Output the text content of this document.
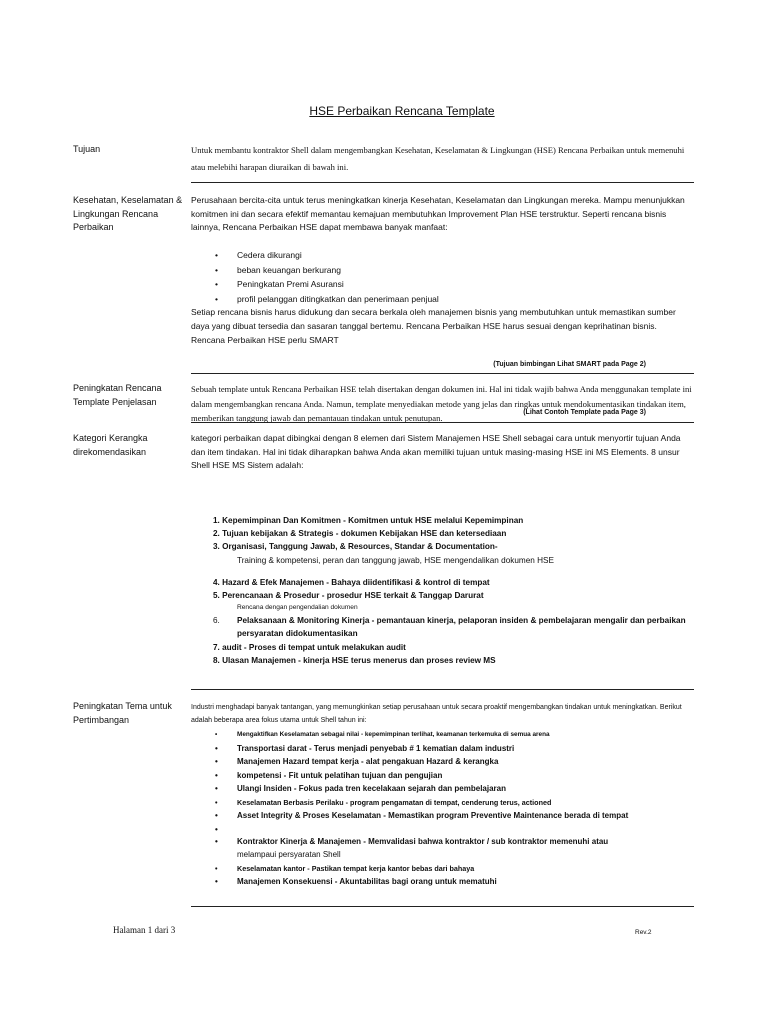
HSE Perbaikan Rencana Template
Tujuan	Untuk membantu kontraktor Shell dalam mengembangkan Kesehatan, Keselamatan & Lingkungan (HSE) Rencana Perbaikan untuk memenuhi atau melebihi harapan diuraikan di bawah ini.
Kesehatan, Keselamatan & Lingkungan Rencana Perbaikan
Perusahaan bercita-cita untuk terus meningkatkan kinerja Kesehatan, Keselamatan dan Lingkungan mereka. Mampu menunjukkan komitmen ini dan secara efektif memantau kemajuan membutuhkan Improvement Plan HSE terstruktur. Seperti rencana bisnis lainnya, Rencana Perbaikan HSE dapat membawa banyak manfaat:
• Cedera dikurangi
• beban keuangan berkurang
• Peningkatan Premi Asuransi
• profil pelanggan ditingkatkan dan penerimaan penjual
Setiap rencana bisnis harus didukung dan secara berkala oleh manajemen bisnis yang membutuhkan untuk memastikan sumber daya yang dibuat tersedia dan sasaran tanggal bertemu. Rencana Perbaikan HSE harus sesuai dengan keprihatinan bisnis. Rencana Perbaikan HSE perlu SMART
(Tujuan bimbingan Lihat SMART pada Page 2)
Peningkatan Rencana Template Penjelasan
Sebuah template untuk Rencana Perbaikan HSE telah disertakan dengan dokumen ini. Hal ini tidak wajib bahwa Anda menggunakan template ini dalam mengembangkan rencana Anda. Namun, template menyediakan metode yang jelas dan ringkas untuk mendokumentasikan tindakan item, memberikan tanggung jawab dan pemantauan tindakan untuk penutupan.
(Lihat Contoh Template pada Page 3)
Kategori Kerangka direkomendasikan
kategori perbaikan dapat dibingkai dengan 8 elemen dari Sistem Manajemen HSE Shell sebagai cara untuk menyortir tujuan Anda dan item tindakan. Hal ini tidak diharapkan bahwa Anda akan memiliki tujuan untuk masing-masing HSE ini MS Elements. 8 unsur Shell HSE MS Sistem adalah:
1. Kepemimpinan Dan Komitmen - Komitmen untuk HSE melalui Kepemimpinan
2. Tujuan kebijakan & Strategis - dokumen Kebijakan HSE dan ketersediaan
3. Organisasi, Tanggung Jawab, & Resources, Standar & Documentation-
Training & kompetensi, peran dan tanggung jawab, HSE mengendalikan dokumen HSE
4. Hazard & Efek Manajemen - Bahaya diidentifikasi & kontrol di tempat
5. Perencanaan & Prosedur - prosedur HSE terkait & Tanggap Darurat
Rencana dengan pengendalian dokumen
6. Pelaksanaan & Monitoring Kinerja - pemantauan kinerja, pelaporan insiden & pembelajaran mengalir dan perbaikan persyaratan didokumentasikan
7. audit - Proses di tempat untuk melakukan audit
8. Ulasan Manajemen - kinerja HSE terus menerus dan proses review MS
Peningkatan Tema untuk Pertimbangan
Industri menghadapi banyak tantangan, yang memungkinkan setiap perusahaan untuk secara proaktif mengembangkan tindakan untuk meningkatkan. Berikut adalah beberapa area fokus utama untuk Shell tahun ini:
• Mengaktifkan Keselamatan sebagai nilai - kepemimpinan terlihat, keamanan terkemuka di semua arena
• Transportasi darat - Terus menjadi penyebab # 1 kematian dalam industri
• Manajemen Hazard tempat kerja - alat pengakuan Hazard & kerangka
• kompetensi - Fit untuk pelatihan tujuan dan pengujian
• Ulangi Insiden - Fokus pada tren kecelakaan sejarah dan pembelajaran
• Keselamatan Berbasis Perilaku - program pengamatan di tempat, cenderung terus, actioned
• Asset Integrity & Proses Keselamatan - Memastikan program Preventive Maintenance berada di tempat
•
• Kontraktor Kinerja & Manajemen - Memvalidasi bahwa kontraktor / sub kontraktor memenuhi atau
melampaui persyaratan Shell
• Keselamatan kantor - Pastikan tempat kerja kantor bebas dari bahaya
• Manajemen Konsekuensi - Akuntabilitas bagi orang untuk mematuhi
Halaman 1 dari 3	Rev.2
